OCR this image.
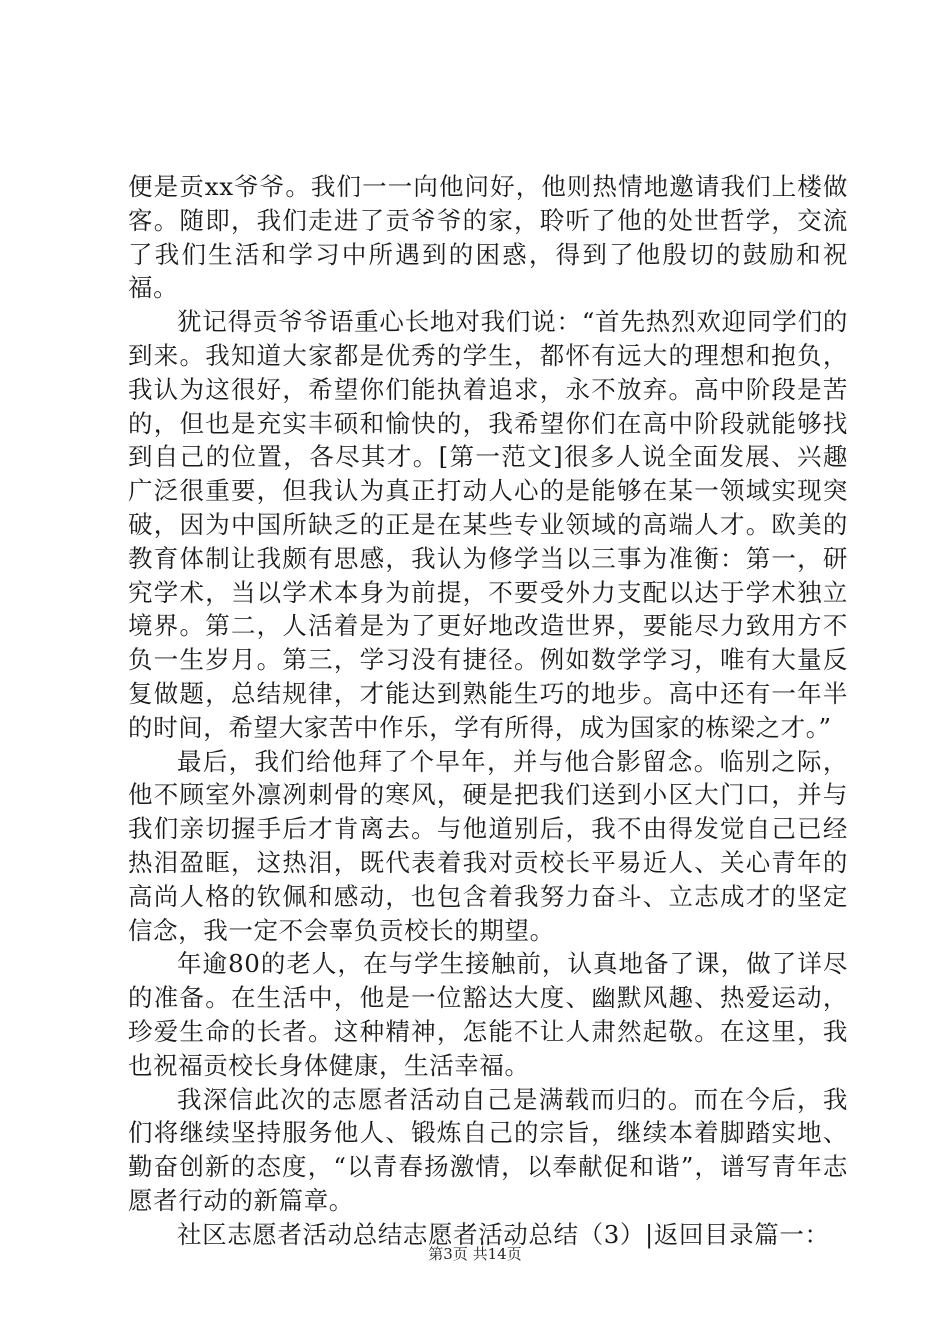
便是贡xx爷爷。我们一一向他问好，他则热情地邀请我们上楼做客。随即，我们走进了贡爷爷的家，聆听了他的处世哲学，交流了我们生活和学习中所遇到的困惑，得到了他殷切的鼓励和祝福。

犹记得贡爷爷语重心长地对我们说：“首先热烈欢迎同学们的到来。我知道大家都是优秀的学生，都怀有远大的理想和抱负，我认为这很好，希望你们能执着追求，永不放弃。高中阶段是苦的，但也是充实丰硕和愉快的，我希望你们在高中阶段就能够找到自己的位置，各尽其才。[第一范文]很多人说全面发展、兴趣广泛很重要，但我认为真正打动人心的是能够在某一领域实现突破，因为中国所缺乏的正是在某些专业领域的高端人才。欧美的教育体制让我颇有思感，我认为修学当以三事为准衡：第一，研究学术，当以学术本身为前提，不要受外力支配以达于学术独立境界。第二，人活着是为了更好地改造世界，要能尽力致用方不负一生岁月。第三，学习没有捷径。例如数学学习，唯有大量反复做题，总结规律，才能达到熟能生巧的地步。高中还有一年半的时间，希望大家苦中作乐，学有所得，成为国家的栋梁之才。”

最后，我们给他拜了个早年，并与他合影留念。临别之际，他不顾室外凛冽刺骨的寒风，硬是把我们送到小区大门口，并与我们亲切握手后才肯离去。与他道别后，我不由得发觉自己已经热泪盈眶，这热泪，既代表着我对贡校长平易近人、关心青年的高尚人格的钦佩和感动，也包含着我努力奋斗、立志成才的坚定信念，我一定不会辜负贡校长的期望。

年逾80的老人，在与学生接触前，认真地备了课，做了详尽的准备。在生活中，他是一位豁达大度、幽默风趣、热爱运动，珍爱生命的长者。这种精神，怎能不让人肃然起敬。在这里，我也祝福贡校长身体健康，生活幸福。

我深信此次的志愿者活动自己是满载而归的。而在今后，我们将继续坚持服务他人、锻炼自己的宗旨，继续本着脚踏实地、勤奋创新的态度，“以青春扬激情，以奉献促和谐”，谱写青年志愿者行动的新篇章。

社区志愿者活动总结志愿者活动总结（3）|返回目录篇一：

第3页 共14页
